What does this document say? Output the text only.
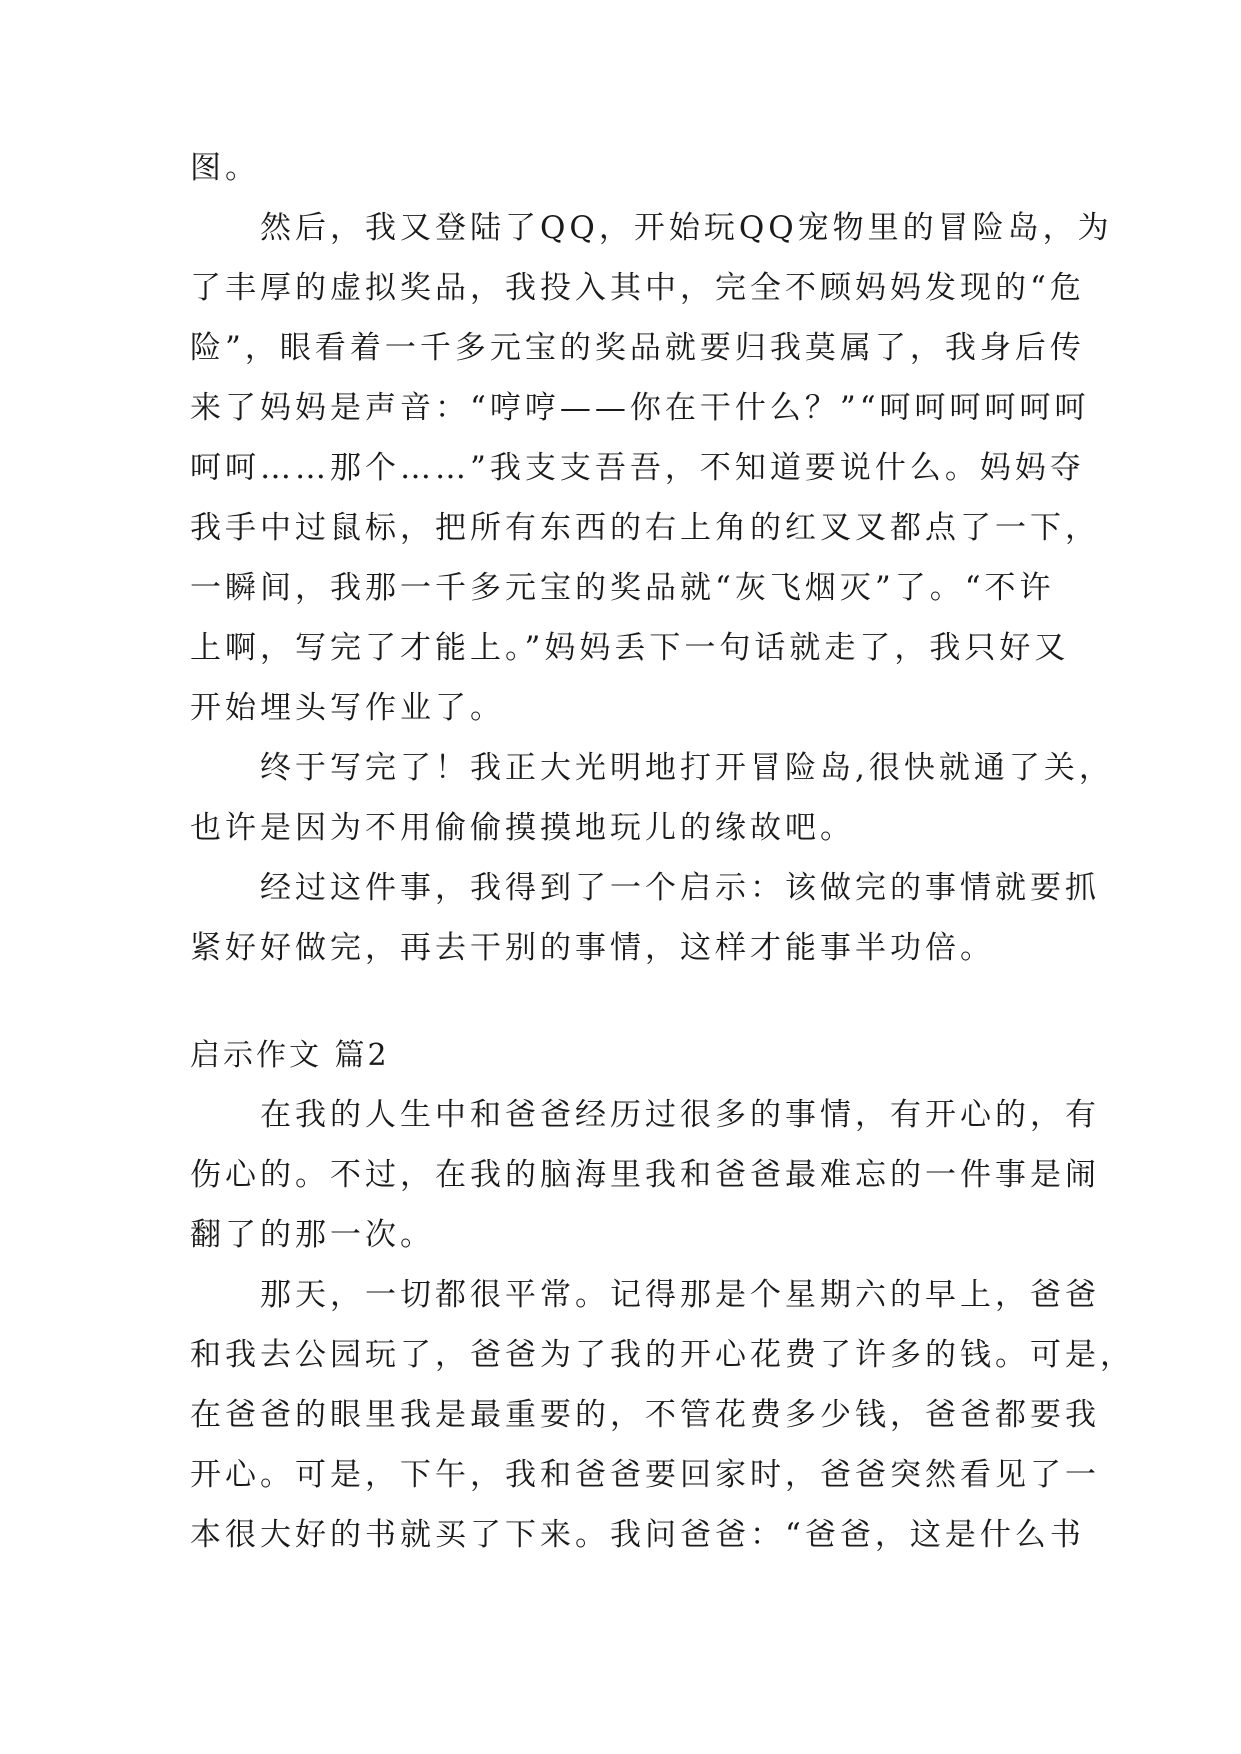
图。
然后，我又登陆了QQ，开始玩QQ宠物里的冒险岛，为
了丰厚的虚拟奖品，我投入其中，完全不顾妈妈发现的“危
险”，眼看着一千多元宝的奖品就要归我莫属了，我身后传
来了妈妈是声音：“哼哼——你在干什么？”“呵呵呵呵呵呵
呵呵……那个……”我支支吾吾，不知道要说什么。妈妈夺
我手中过鼠标，把所有东西的右上角的红叉叉都点了一下，
一瞬间，我那一千多元宝的奖品就“灰飞烟灭”了。“不许
上啊，写完了才能上。”妈妈丢下一句话就走了，我只好又
开始埋头写作业了。
终于写完了！我正大光明地打开冒险岛,很快就通了关，
也许是因为不用偷偷摸摸地玩儿的缘故吧。
经过这件事，我得到了一个启示：该做完的事情就要抓
紧好好做完，再去干别的事情，这样才能事半功倍。
启示作文 篇2
在我的人生中和爸爸经历过很多的事情，有开心的，有
伤心的。不过，在我的脑海里我和爸爸最难忘的一件事是闹
翻了的那一次。
那天，一切都很平常。记得那是个星期六的早上，爸爸
和我去公园玩了，爸爸为了我的开心花费了许多的钱。可是，
在爸爸的眼里我是最重要的，不管花费多少钱，爸爸都要我
开心。可是，下午，我和爸爸要回家时，爸爸突然看见了一
本很大好的书就买了下来。我问爸爸：“爸爸，这是什么书
